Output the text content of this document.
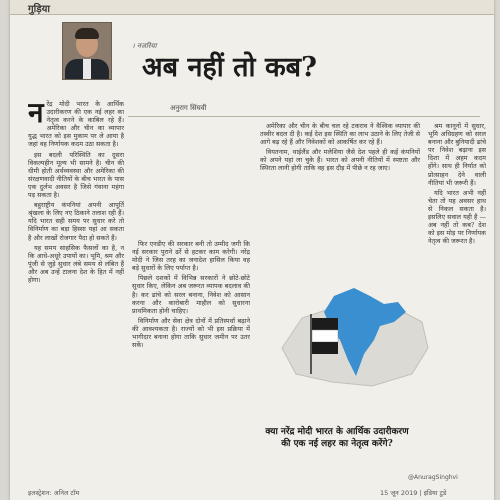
गुड़िया
। नजरिया
अब नहीं तो कब?
अनुराग सिंघवी
न रेंद्र मोदी भारत के आर्थिक उदारीकरण की एक नई लहर का नेतृत्व करने के काबिल रहे हैं। अमेरिका और चीन का व्यापार युद्ध भारत को इस मुकाम पर ले आया है जहां वह निर्णायक कदम उठा सकता है।

इस बदली परिस्थिति का दूसरा विकल्पहीन मूल्य भी सामने है। चीन की धीमी होती अर्थव्यवस्था और अमेरिका की संरक्षणवादी नीतियों के बीच भारत के पास एक दुर्लभ अवसर है जिसे गंवाना महंगा पड़ सकता है।

बहुराष्ट्रीय कंपनियां अपनी आपूर्ति श्रृंखला के लिए नए ठिकाने तलाश रही हैं। यदि भारत सही समय पर सुधार करे तो विनिर्माण का बड़ा हिस्सा यहां आ सकता है और लाखों रोजगार पैदा हो सकते हैं।

यह समय साहसिक फैसलों का है, न कि आधे-अधूरे उपायों का। भूमि, श्रम और पूंजी से जुड़े सुधार लंबे समय से लंबित हैं और अब उन्हें टालना देश के हित में नहीं होगा।

फिर एनडीए की सरकार बनी तो उम्मीद जगी कि नई सरकार पुराने ढर्रे से हटकर काम करेगी। नरेंद्र मोदी ने जिस तरह का जनादेश हासिल किया वह बड़े सुधारों के लिए पर्याप्त है।

पिछले दशकों में विभिन्न सरकारों ने छोटे-छोटे सुधार किए, लेकिन अब जरूरत व्यापक बदलाव की है। कर ढांचे को सरल बनाना, निवेश को आसान करना और कारोबारी माहौल को सुधारना प्राथमिकता होनी चाहिए।

विनिर्माण और सेवा क्षेत्र दोनों में प्रतिस्पर्धा बढ़ाने की आवश्यकता है। राज्यों को भी इस प्रक्रिया में भागीदार बनाना होगा ताकि सुधार जमीन पर उतर सकें।

अमेरिका और चीन के बीच चल रहे टकराव ने वैश्विक व्यापार की तस्वीर बदल दी है। कई देश इस स्थिति का लाभ उठाने के लिए तेजी से आगे बढ़ रहे हैं और निवेशकों को आकर्षित कर रहे हैं।

वियतनाम, थाईलैंड और मलेशिया जैसे देश पहले ही कई कंपनियों को अपने यहां ला चुके हैं। भारत को अपनी नीतियों में स्पष्टता और स्थिरता लानी होगी ताकि वह इस दौड़ में पीछे न रह जाए।

श्रम कानूनों में सुधार, भूमि अधिग्रहण को सरल बनाना और बुनियादी ढांचे पर निवेश बढ़ाना इस दिशा में अहम कदम होंगे। साथ ही निर्यात को प्रोत्साहन देने वाली नीतियां भी जरूरी हैं।

यदि भारत अभी नहीं चेता तो यह अवसर हाथ से निकल सकता है। इसलिए सवाल यही है — अब नहीं तो कब? देश को इस मोड़ पर निर्णायक नेतृत्व की जरूरत है।

क्या नरेंद्र मोदी भारत के आर्थिक उदारीकरण की एक नई लहर का नेतृत्व करेंगे?
@AnuragSinghvi
इलस्ट्रेशन: अनिल टॉम	15 जून 2019 | इंडिया टुडे
